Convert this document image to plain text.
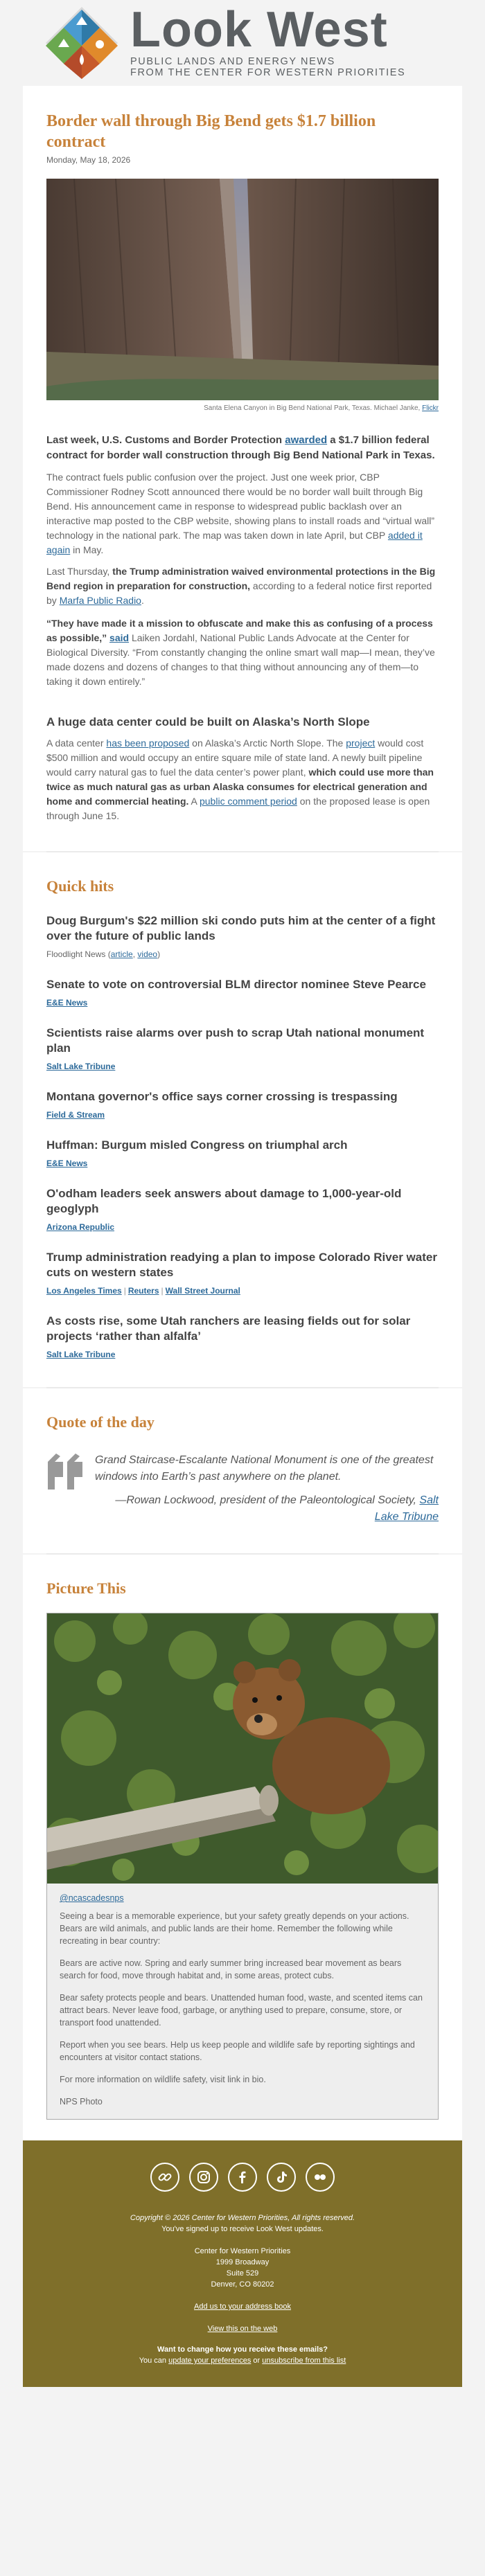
Look West
PUBLIC LANDS AND ENERGY NEWS
FROM THE CENTER FOR WESTERN PRIORITIES
Border wall through Big Bend gets $1.7 billion contract
Monday, May 18, 2026
Santa Elena Canyon in Big Bend National Park, Texas. Michael Janke, Flickr

Last week, U.S. Customs and Border Protection awarded a $1.7 billion federal contract for border wall construction through Big Bend National Park in Texas.

The contract fuels public confusion over the project. Just one week prior, CBP Commissioner Rodney Scott announced there would be no border wall built through Big Bend. His announcement came in response to widespread public backlash over an interactive map posted to the CBP website, showing plans to install roads and “virtual wall” technology in the national park. The map was taken down in late April, but CBP added it again in May.

Last Thursday, the Trump administration waived environmental protections in the Big Bend region in preparation for construction, according to a federal notice first reported by Marfa Public Radio.

“They have made it a mission to obfuscate and make this as confusing of a process as possible,” said Laiken Jordahl, National Public Lands Advocate at the Center for Biological Diversity. “From constantly changing the online smart wall map—I mean, they’ve made dozens and dozens of changes to that thing without announcing any of them—to taking it down entirely.”

A huge data center could be built on Alaska’s North Slope

A data center has been proposed on Alaska’s Arctic North Slope. The project would cost $500 million and would occupy an entire square mile of state land. A newly built pipeline would carry natural gas to fuel the data center’s power plant, which could use more than twice as much natural gas as urban Alaska consumes for electrical generation and home and commercial heating. A public comment period on the proposed lease is open through June 15.

Quick hits
Doug Burgum's $22 million ski condo puts him at the center of a fight over the future of public lands
Floodlight News (article, video)
Senate to vote on controversial BLM director nominee Steve Pearce
E&E News
Scientists raise alarms over push to scrap Utah national monument plan
Salt Lake Tribune
Montana governor's office says corner crossing is trespassing
Field & Stream
Huffman: Burgum misled Congress on triumphal arch
E&E News
O'odham leaders seek answers about damage to 1,000-year-old geoglyph
Arizona Republic
Trump administration readying a plan to impose Colorado River water cuts on western states
Los Angeles Times | Reuters | Wall Street Journal
As costs rise, some Utah ranchers are leasing fields out for solar projects ‘rather than alfalfa’
Salt Lake Tribune
Quote of the day
Grand Staircase-Escalante National Monument is one of the greatest windows into Earth’s past anywhere on the planet.
—Rowan Lockwood, president of the Paleontological Society, Salt Lake Tribune
Picture This
@ncascadesnps

Seeing a bear is a memorable experience, but your safety greatly depends on your actions. Bears are wild animals, and public lands are their home. Remember the following while recreating in bear country:

Bears are active now. Spring and early summer bring increased bear movement as bears search for food, move through habitat and, in some areas, protect cubs.

Bear safety protects people and bears. Unattended human food, waste, and scented items can attract bears. Never leave food, garbage, or anything used to prepare, consume, store, or transport food unattended.

Report when you see bears. Help us keep people and wildlife safe by reporting sightings and encounters at visitor contact stations.

For more information on wildlife safety, visit link in bio.

NPS Photo

Copyright © 2026 Center for Western Priorities, All rights reserved.
You've signed up to receive Look West updates.
Center for Western Priorities
1999 Broadway
Suite 529
Denver, CO 80202
Add us to your address book
View this on the web
Want to change how you receive these emails?
You can update your preferences or unsubscribe from this list
